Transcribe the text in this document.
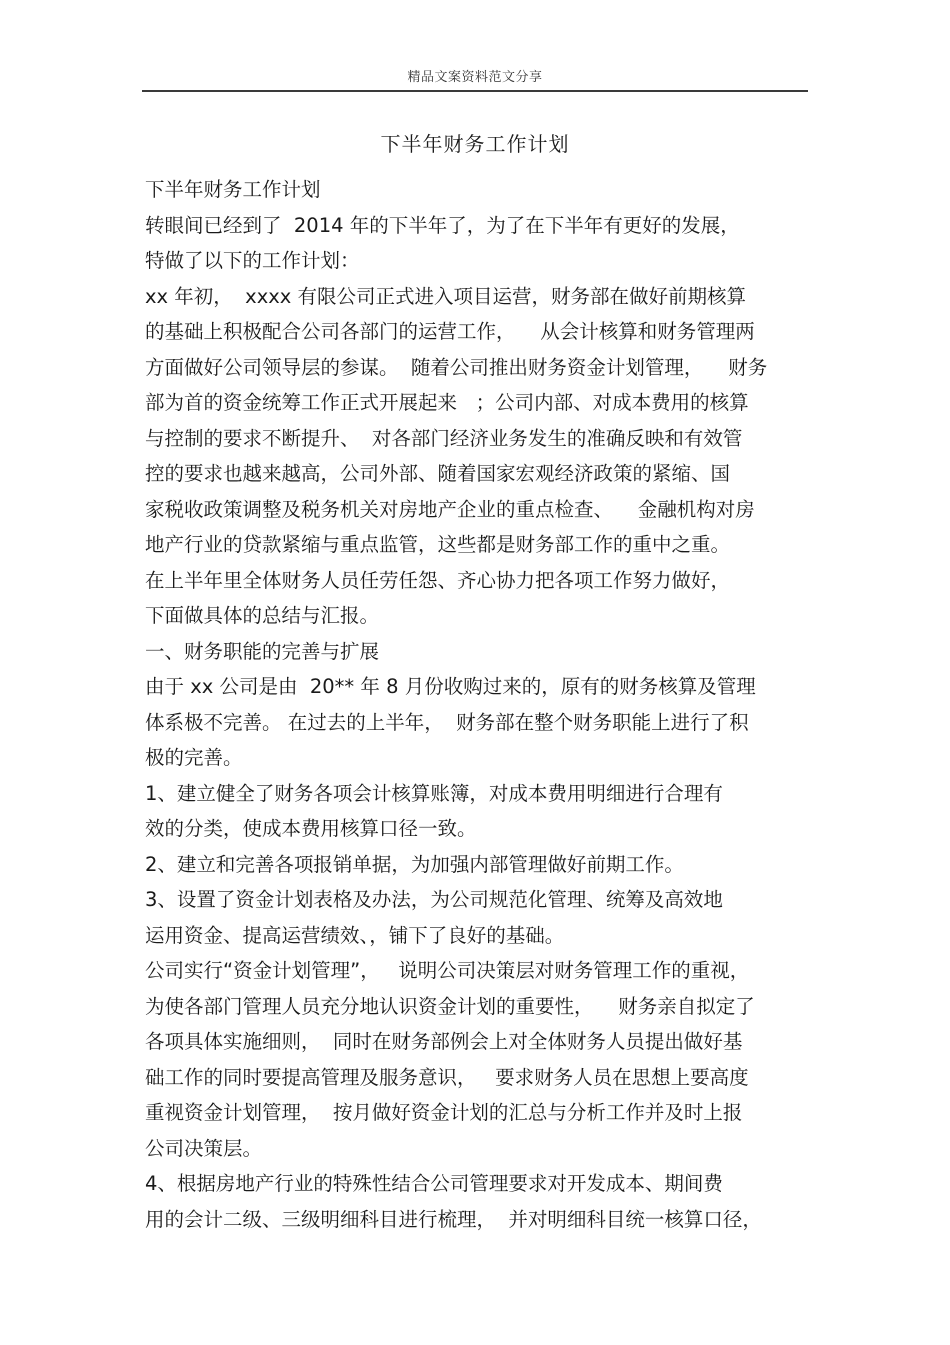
精品文案资料范文分享
下半年财务工作计划
下半年财务工作计划
转眼间已经到了  2014 年的下半年了，为了在下半年有更好的发展，
特做了以下的工作计划：
xx 年初，  xxxx 有限公司正式进入项目运营，财务部在做好前期核算
的基础上积极配合公司各部门的运营工作，    从会计核算和财务管理两
方面做好公司领导层的参谋。  随着公司推出财务资金计划管理，    财务
部为首的资金统筹工作正式开展起来   ；公司内部、对成本费用的核算
与控制的要求不断提升、  对各部门经济业务发生的准确反映和有效管
控的要求也越来越高，公司外部、随着国家宏观经济政策的紧缩、国
家税收政策调整及税务机关对房地产企业的重点检查、    金融机构对房
地产行业的贷款紧缩与重点监管，这些都是财务部工作的重中之重。
在上半年里全体财务人员任劳任怨、齐心协力把各项工作努力做好，
下面做具体的总结与汇报。
一、财务职能的完善与扩展
由于 xx 公司是由  20** 年 8 月份收购过来的，原有的财务核算及管理
体系极不完善。 在过去的上半年，  财务部在整个财务职能上进行了积
极的完善。
1、建立健全了财务各项会计核算账簿，对成本费用明细进行合理有
效的分类，使成本费用核算口径一致。
2、建立和完善各项报销单据，为加强内部管理做好前期工作。
3、设置了资金计划表格及办法，为公司规范化管理、统筹及高效地
运用资金、提高运营绩效、，铺下了良好的基础。
公司实行“资金计划管理”，   说明公司决策层对财务管理工作的重视，
为使各部门管理人员充分地认识资金计划的重要性，    财务亲自拟定了
各项具体实施细则，  同时在财务部例会上对全体财务人员提出做好基
础工作的同时要提高管理及服务意识，   要求财务人员在思想上要高度
重视资金计划管理，  按月做好资金计划的汇总与分析工作并及时上报
公司决策层。
4、根据房地产行业的特殊性结合公司管理要求对开发成本、期间费
用的会计二级、三级明细科目进行梳理，  并对明细科目统一核算口径，
